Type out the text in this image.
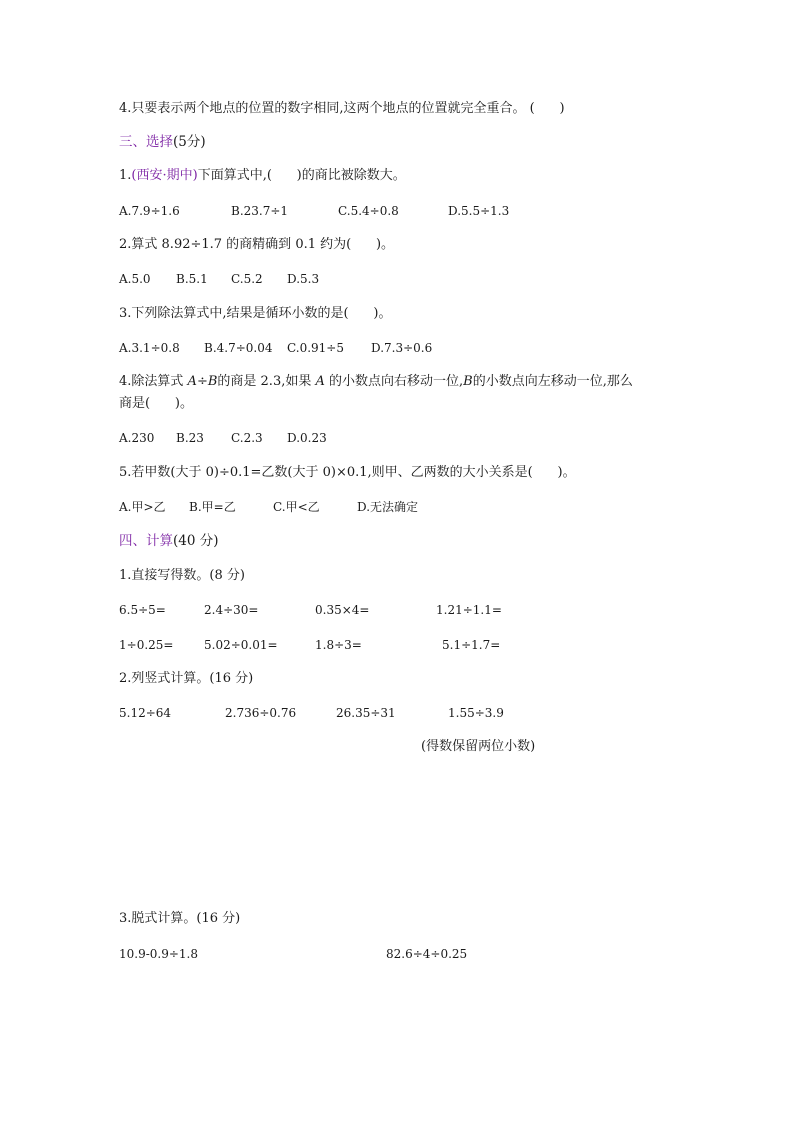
4.只要表示两个地点的位置的数字相同,这两个地点的位置就完全重合。 (      )
三、选择(5分)
1.(西安·期中)下面算式中,(      )的商比被除数大。
A.7.9÷1.6	B.23.7÷1	C.5.4÷0.8	D.5.5÷1.3
2.算式 8.92÷1.7 的商精确到 0.1 约为(      )。
A.5.0 B.5.1 C.5.2 D.5.3
3.下列除法算式中,结果是循环小数的是(      )。
A.3.1÷0.8 B.4.7÷0.04 C.0.91÷5 D.7.3÷0.6
4.除法算式 A÷B的商是 2.3,如果 A 的小数点向右移动一位,B的小数点向左移动一位,那么
商是(      )。
A.230 B.23 C.2.3 D.0.23
5.若甲数(大于 0)÷0.1=乙数(大于 0)×0.1,则甲、乙两数的大小关系是(      )。
A.甲>乙 B.甲=乙	C.甲<乙	D.无法确定
四、计算(40 分)
1.直接写得数。(8 分)
6.5÷5=	2.4÷30=	0.35×4=	1.21÷1.1=
1÷0.25=	5.02÷0.01=	1.8÷3=	5.1÷1.7=
2.列竖式计算。(16 分)
5.12÷64	2.736÷0.76	26.35÷31	1.55÷3.9
(得数保留两位小数)
3.脱式计算。(16 分)
10.9-0.9÷1.8	82.6÷4÷0.25
